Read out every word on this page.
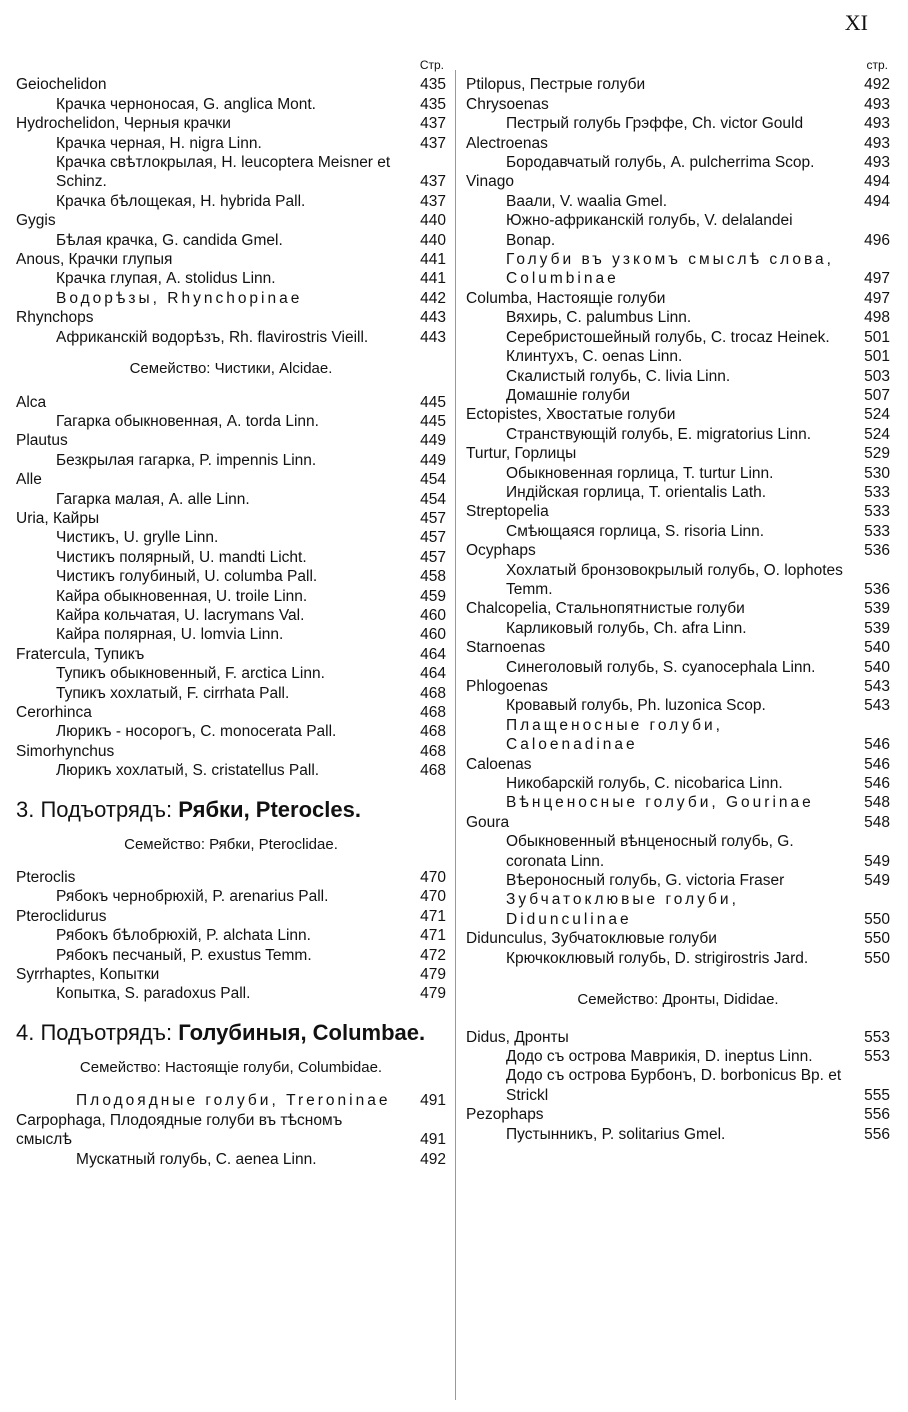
XI
Стр.
Geiochelidon	435
Крачка черноносая, G. anglica Mont.	435
Hydrochelidon, Черныя крачки	437
Крачка черная, H. nigra Linn.	437
Крачка свѣтлокрылая, H. leucoptera Meisner et Schinz.	437
Крачка бѣлощекая, H. hybrida Pall.	437
Gygis	440
Бѣлая крачка, G. candida Gmel.	440
Anous, Крачки глупыя	441
Крачка глупая, A. stolidus Linn.	441
Водорѣзы, Rhynchopinae	442
Rhynchops	443
Африканскій водорѣзъ, Rh. flavirostris Vieill.	443
Семейство: Чистики, Alcidae.
Alca	445
Гагарка обыкновенная, A. torda Linn.	445
Plautus	449
Безкрылая гагарка, P. impennis Linn.	449
Alle	454
Гагарка малая, A. alle Linn.	454
Uria, Кайры	457
Чистикъ, U. grylle Linn.	457
Чистикъ полярный, U. mandti Licht.	457
Чистикъ голубиный, U. columba Pall.	458
Кайра обыкновенная, U. troile Linn.	459
Кайра кольчатая, U. lacrymans Val.	460
Кайра полярная, U. lomvia Linn.	460
Fratercula, Тупикъ	464
Тупикъ обыкновенный, F. arctica Linn.	464
Тупикъ хохлатый, F. cirrhata Pall.	468
Cerorhinca	468
Люрикъ - носорогъ, C. monocerata Pall.	468
Simorhynchus	468
Люрикъ хохлатый, S. cristatellus Pall.	468
3. Подъотрядъ: Рябки, Pterocles.
Семейство: Рябки, Pteroclidae.
Pteroclis	470
Рябокъ чернобрюхій, P. arenarius Pall.	470
Pteroclidurus	471
Рябокъ бѣлобрюхій, P. alchata Linn.	471
Рябокъ песчаный, P. exustus Temm.	472
Syrrhaptes, Копытки	479
Копытка, S. paradoxus Pall.	479
4. Подъотрядъ: Голубиныя, Columbae.
Семейство: Настоящіе голуби, Columbidae.
Плодоядные голуби, Treroninae 491
Carpophaga, Плодоядные голуби въ тѣсномъ смыслѣ	491
Мускатный голубь, C. aenea Linn.	492
стр.
Ptilopus, Пестрые голуби	492
Chrysoenas	493
Пестрый голубь Грэффе, Ch. victor Gould	493
Alectroenas	493
Бородавчатый голубь, A. pulcherrima Scop.	493
Vinago	494
Ваали, V. waalia Gmel.	494
Южно-африканскій голубь, V. delalandei Bonap.	496
Голуби въ узкомъ смыслѣ слова, Columbinae	497
Columba, Настоящіе голуби	497
Вяхирь, C. palumbus Linn.	498
Серебристошейный голубь, C. trocaz Heinek. 501
Клинтухъ, C. oenas Linn.	501
Скалистый голубь, C. livia Linn.	503
Домашніе голуби	507
Ectopistes, Хвостатые голуби	524
Странствующій голубь, E. migratorius Linn.	524
Turtur, Горлицы	529
Обыкновенная горлица, T. turtur Linn.	530
Индійская горлица, T. orientalis Lath.	533
Streptopelia	533
Смѣющаяся горлица, S. risoria Linn.	533
Ocyphaps	536
Хохлатый бронзовокрылый голубь, O. lophotes Temm.	536
Chalcopelia, Стальнопятнистые голуби	539
Карликовый голубь, Ch. afra Linn.	539
Starnoenas	540
Синеголовый голубь, S. cyanocephala Linn.	540
Phlogoenas	543
Кровавый голубь, Ph. luzonica Scop.	543
Плащеносные голуби, Caloenadinae	546
Caloenas	546
Никобарскій голубь, C. nicobarica Linn.	546
Вѣнценосные голуби, Gourinae	548
Goura	548
Обыкновенный вѣнценосный голубь, G. coronata Linn.	549
Вѣероносный голубь, G. victoria Fraser	549
Зубчатоклювые голуби, Didunculinae	550
Didunculus, Зубчатоклювые голуби	550
Крючкоклювый голубь, D. strigirostris Jard.	550
Семейство: Дронты, Dididae.
Didus, Дронты	553
Додо съ острова Маврикія, D. ineptus Linn.	553
Додо съ острова Бурбонъ, D. borbonicus Bp. et Strickl	555
Pezophaps	556
Пустынникъ, P. solitarius Gmel.	556
